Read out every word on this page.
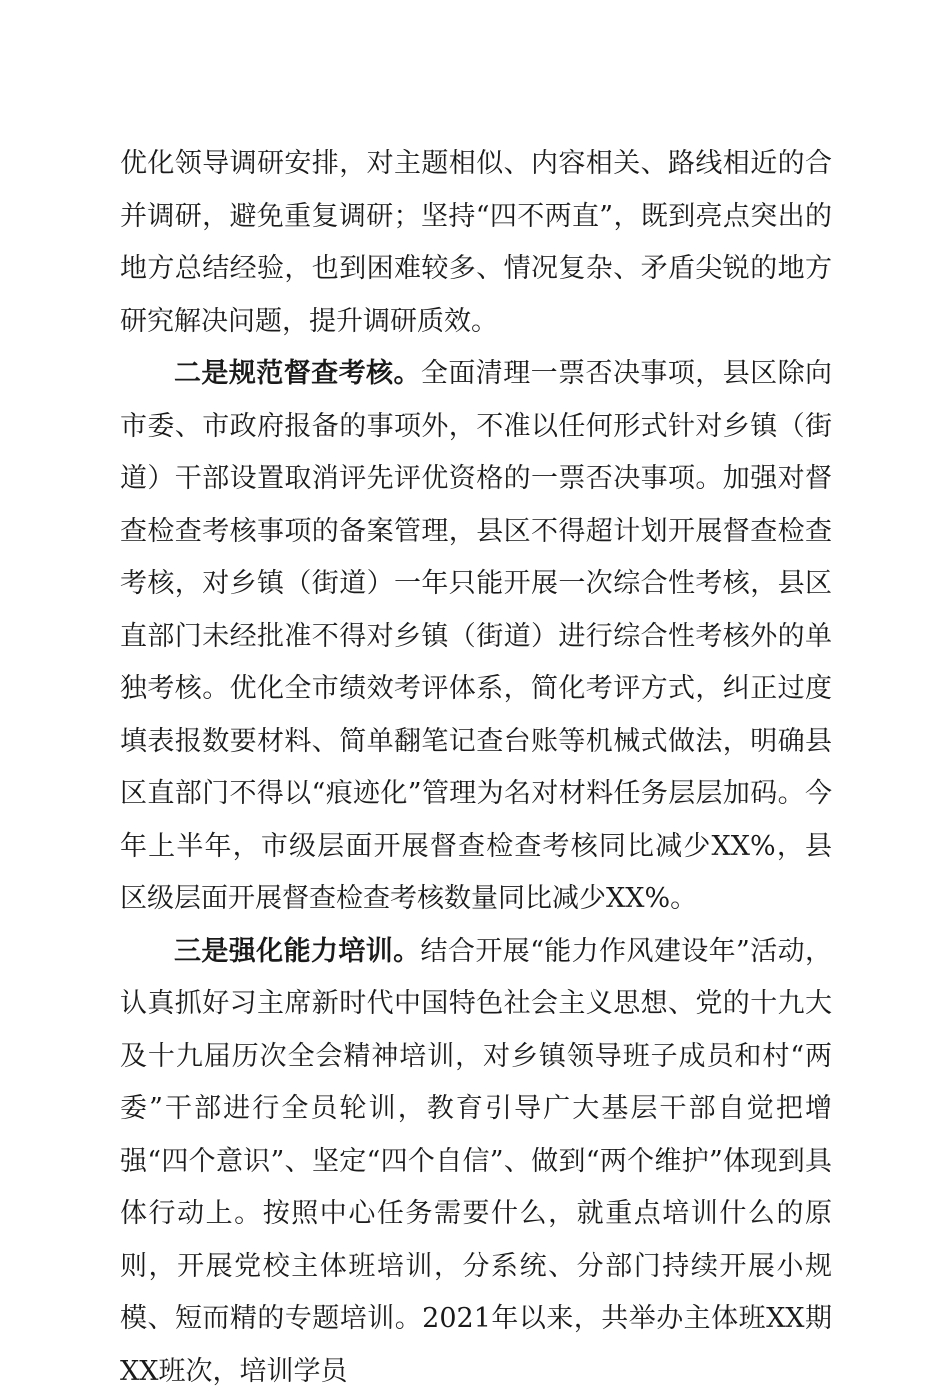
优化领导调研安排，对主题相似、内容相关、路线相近的合并调研，避免重复调研；坚持“四不两直”，既到亮点突出的地方总结经验，也到困难较多、情况复杂、矛盾尖锐的地方研究解决问题，提升调研质效。

二是规范督查考核。全面清理一票否决事项，县区除向市委、市政府报备的事项外，不准以任何形式针对乡镇（街道）干部设置取消评先评优资格的一票否决事项。加强对督查检查考核事项的备案管理，县区不得超计划开展督查检查考核，对乡镇（街道）一年只能开展一次综合性考核，县区直部门未经批准不得对乡镇（街道）进行综合性考核外的单独考核。优化全市绩效考评体系，简化考评方式，纠正过度填表报数要材料、简单翻笔记查台账等机械式做法，明确县区直部门不得以“痕迹化”管理为名对材料任务层层加码。今年上半年，市级层面开展督查检查考核同比减少XX%，县区级层面开展督查检查考核数量同比减少XX%。

三是强化能力培训。结合开展“能力作风建设年”活动，认真抓好习主席新时代中国特色社会主义思想、党的十九大及十九届历次全会精神培训，对乡镇领导班子成员和村“两委”干部进行全员轮训，教育引导广大基层干部自觉把增强“四个意识”、坚定“四个自信”、做到“两个维护”体现到具体行动上。按照中心任务需要什么，就重点培训什么的原则，开展党校主体班培训，分系统、分部门持续开展小规模、短而精的专题培训。2021年以来，共举办主体班XX期XX班次，培训学员
